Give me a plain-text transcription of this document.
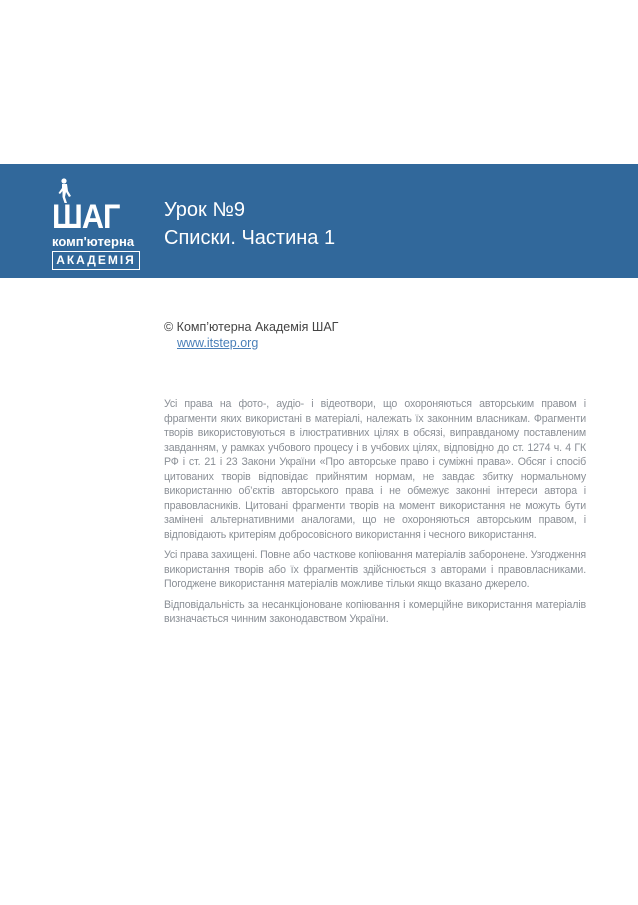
ШАГ
комп'ютерна
АКАДЕМІЯ
Урок №9
Списки. Частина 1
© Комп’ютерна Академія ШАГ
www.itstep.org

Усі права на фото-, аудіо- і відеотвори, що охороняються авторським правом і фрагменти яких використані в матеріалі, належать їх законним власникам. Фрагменти творів використовуються в ілюстративних цілях в обсязі, виправданому поставленим завданням, у рамках учбового процесу і в учбових цілях, відповідно до ст. 1274 ч. 4 ГК РФ і ст. 21 і 23 Закони України «Про авторське право і суміжні права». Обсяг і спосіб цитованих творів відповідає прийнятим нормам, не завдає збитку нормальному використанню об’єктів авторського права і не обмежує законні інтереси автора і правовласників. Цитовані фрагменти творів на момент використання не можуть бути замінені альтернативними аналогами, що не охороняються авторським правом, і відповідають критеріям добросовісного використання і чесного використання.

Усі права захищені. Повне або часткове копіювання матеріалів заборонене. Узгодження використання творів або їх фрагментів здійснюється з авторами і правовласниками. Погоджене використання матеріалів можливе тільки якщо вказано джерело.

Відповідальність за несанкціоноване копіювання і комерційне використання матеріалів визначається чинним законодавством України.
